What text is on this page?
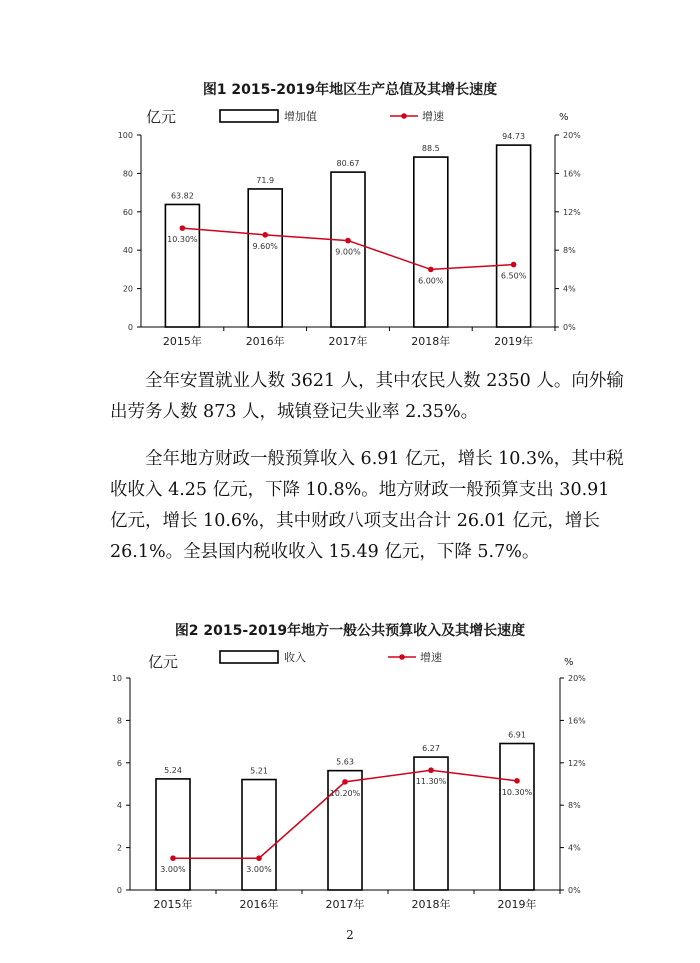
图1 2015-2019年地区生产总值及其增长速度
亿元	%
增加值	增速
0
20
40
60
80
100
0%
4%
8%
12%
16%
20%
2015年
63.82
2016年
71.9
2017年
80.67
2018年
88.5
2019年
94.73
10.30%
9.60%
9.00%
6.00%
6.50%

全年安置就业人数 3621 人，其中农民人数 2350 人。向外输出劳务人数 873 人，城镇登记失业率 2.35%。

全年地方财政一般预算收入 6.91 亿元，增长 10.3%，其中税收收入 4.25 亿元，下降 10.8%。地方财政一般预算支出 30.91 亿元，增长 10.6%，其中财政八项支出合计 26.01 亿元，增长 26.1%。全县国内税收收入 15.49 亿元，下降 5.7%。

图2 2015-2019年地方一般公共预算收入及其增长速度
亿元	%
收入	增速
0
2
4
6
8
10
0%
4%
8%
12%
16%
20%
2015年
5.24
2016年
5.21
2017年
5.63
2018年
6.27
2019年
6.91
3.00%	3.00%
10.20%
11.30%
10.30%
2
